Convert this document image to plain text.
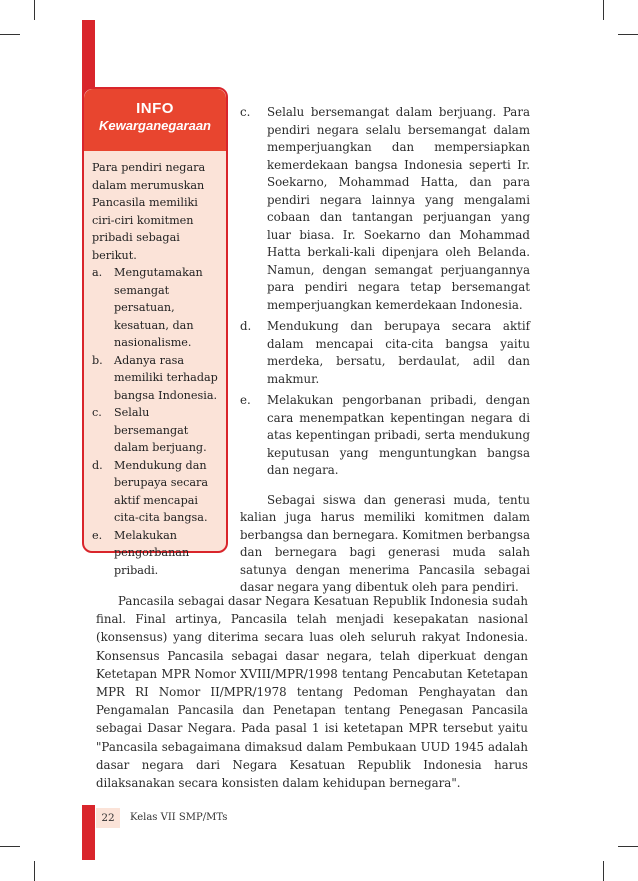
INFO
Kewarganegaraan

Para pendiri negara dalam merumuskan Pancasila memiliki ciri-ciri komitmen pribadi sebagai berikut.

a.	Mengutamakan semangat persatuan, kesatuan, dan nasionalisme.
b.	Adanya rasa memiliki terhadap bangsa Indonesia.
c.	Selalu bersemangat dalam berjuang.
d.	Mendukung dan berupaya secara aktif mencapai cita-cita bangsa.
e.	Melakukan pengorbanan pribadi.
c.	Selalu bersemangat dalam berjuang. Para pendiri negara selalu bersemangat dalam memperjuangkan dan mempersiapkan kemerdekaan bangsa Indonesia seperti Ir. Soekarno, Mohammad Hatta, dan para pendiri negara lainnya yang mengalami cobaan dan tantangan perjuangan yang luar biasa. Ir. Soekarno dan Mohammad Hatta berkali-kali dipenjara oleh Belanda. Namun, dengan semangat perjuangannya para pendiri negara tetap bersemangat memperjuangkan kemerdekaan Indonesia.
d.	Mendukung dan berupaya secara aktif dalam mencapai cita-cita bangsa yaitu merdeka, bersatu, berdaulat, adil dan makmur.
e.	Melakukan pengorbanan pribadi, dengan cara menempatkan kepentingan negara di atas kepentingan pribadi, serta mendukung keputusan yang menguntungkan bangsa dan negara.

Sebagai siswa dan generasi muda, tentu kalian juga harus memiliki komitmen dalam berbangsa dan bernegara. Komitmen berbangsa dan bernegara bagi generasi muda salah satunya dengan menerima Pancasila sebagai dasar negara yang dibentuk oleh para pendiri.

Pancasila sebagai dasar Negara Kesatuan Republik Indonesia sudah final. Final artinya, Pancasila telah menjadi kesepakatan nasional (konsensus) yang diterima secara luas oleh seluruh rakyat Indonesia. Konsensus Pancasila sebagai dasar negara, telah diperkuat dengan Ketetapan MPR Nomor XVIII/MPR/1998 tentang Pencabutan Ketetapan MPR RI Nomor II/MPR/1978 tentang Pedoman Penghayatan dan Pengamalan Pancasila dan Penetapan tentang Penegasan Pancasila sebagai Dasar Negara. Pada pasal 1 isi ketetapan MPR tersebut yaitu "Pancasila sebagaimana dimaksud dalam Pembukaan UUD 1945 adalah dasar negara dari Negara Kesatuan Republik Indonesia harus dilaksanakan secara konsisten dalam kehidupan bernegara".

22	Kelas VII SMP/MTs
